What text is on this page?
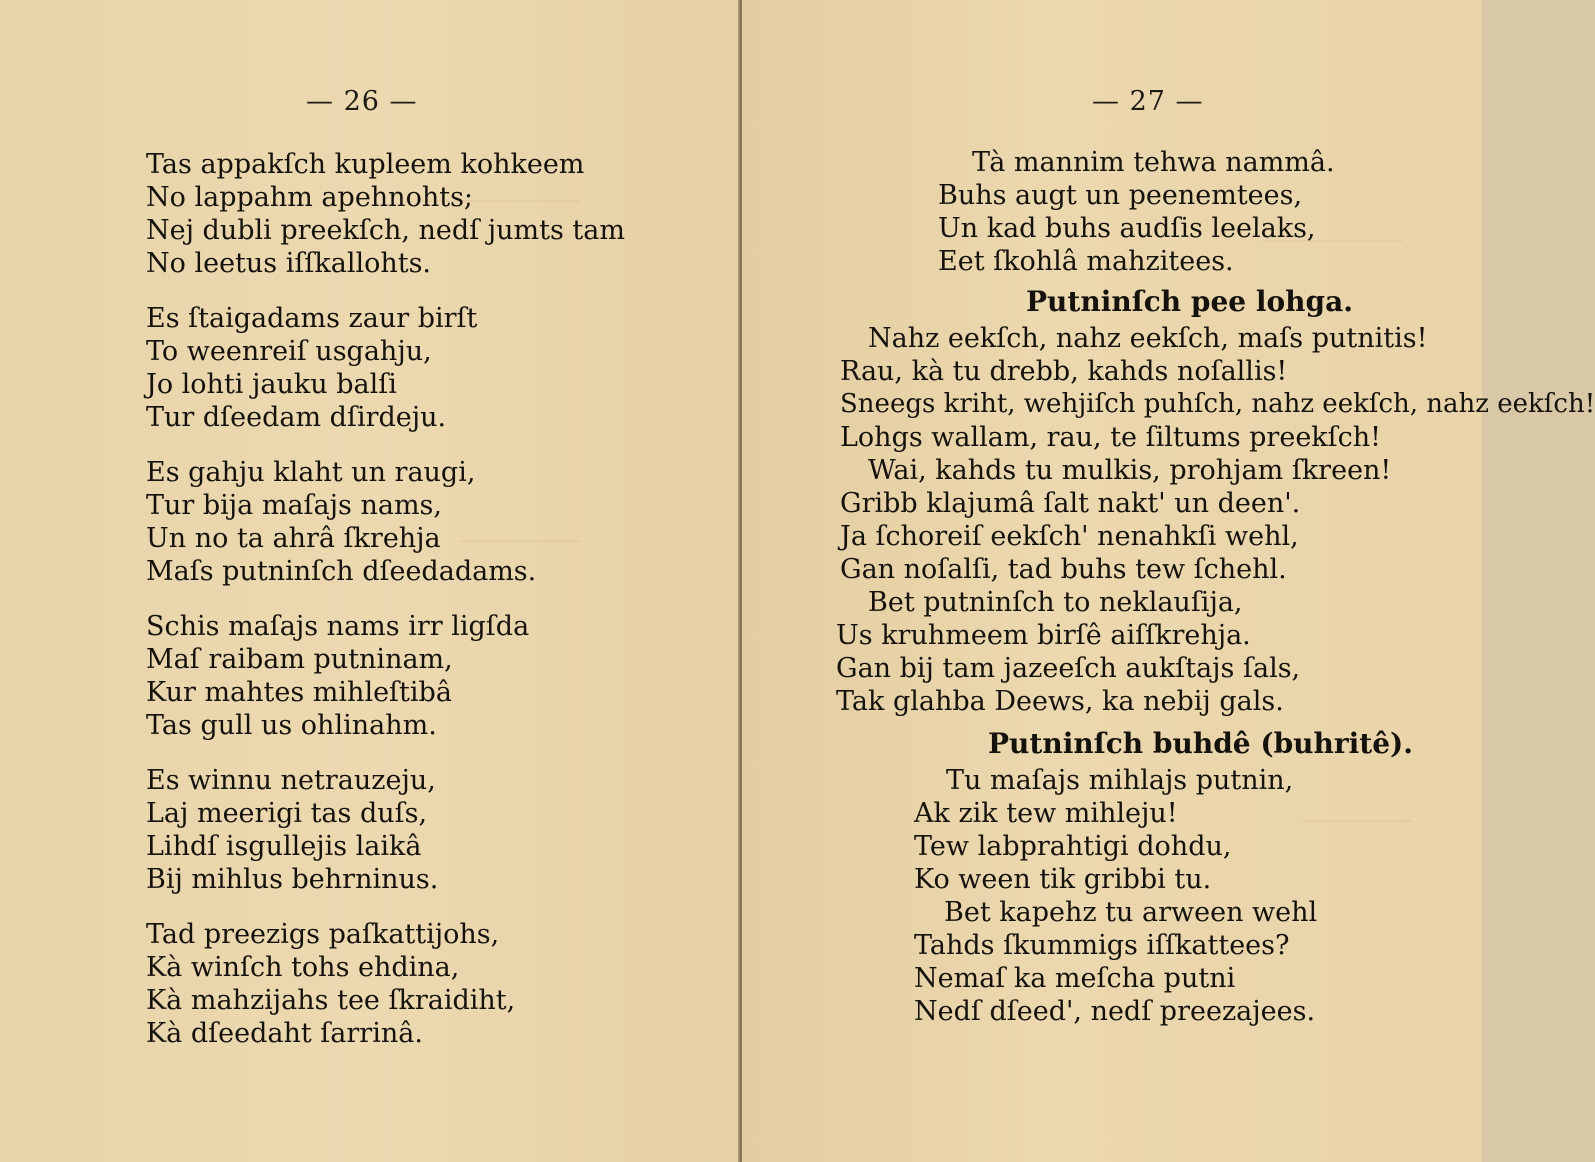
— 26 —
Tas appakſch kupleem kohkeem
No lappahm apehnohts;
Nej dubli preekſch, nedſ jumts tam
No leetus iſſkallohts.
Es ſtaigadams zaur birſt
To weenreiſ usgahju,
Jo lohti jauku balſi
Tur dſeedam dſirdeju.
Es gahju klaht un raugi,
Tur bija maſajs nams,
Un no ta ahrâ ſkrehja
Maſs putninſch dſeedadams.
Schis maſajs nams irr ligſda
Maſ raibam putninam,
Kur mahtes mihleſtibâ
Tas gull us ohlinahm.
Es winnu netrauzeju,
Laj meerigi tas duſs,
Lihdſ isgullejis laikâ
Bij mihlus behrninus.
Tad preezigs paſkattijohs,
Kà winſch tohs ehdina,
Kà mahzijahs tee ſkraidiht,
Kà dſeedaht ſarrinâ.
— 27 —
Tà mannim tehwa nammâ.
Buhs augt un peenemtees,
Un kad buhs audſis leelaks,
Eet ſkohlâ mahzitees.
Putninſch pee lohga.
Nahz eekſch, nahz eekſch, maſs putnitis!
Rau, kà tu drebb, kahds noſallis!
Sneegs kriht, wehjiſch puhſch, nahz eekſch, nahz eekſch!
Lohgs wallam, rau, te ſiltums preekſch!
Wai, kahds tu mulkis, prohjam ſkreen!
Gribb klajumâ ſalt nakt' un deen'.
Ja ſchoreiſ eekſch' nenahkſi wehl,
Gan noſalſi, tad buhs tew ſchehl.
Bet putninſch to neklauſija,
Us kruhmeem birſê aiſſkrehja.
Gan bij tam jazeeſch aukſtajs ſals,
Tak glahba Deews, ka nebij gals.
Putninſch buhdê (buhritê).
Tu maſajs mihlajs putnin,
Ak zik tew mihleju!
Tew labprahtigi dohdu,
Ko ween tik gribbi tu.
Bet kapehz tu arween wehl
Tahds ſkummigs iſſkattees?
Nemaſ ka meſcha putni
Nedſ dſeed', nedſ preezajees.
